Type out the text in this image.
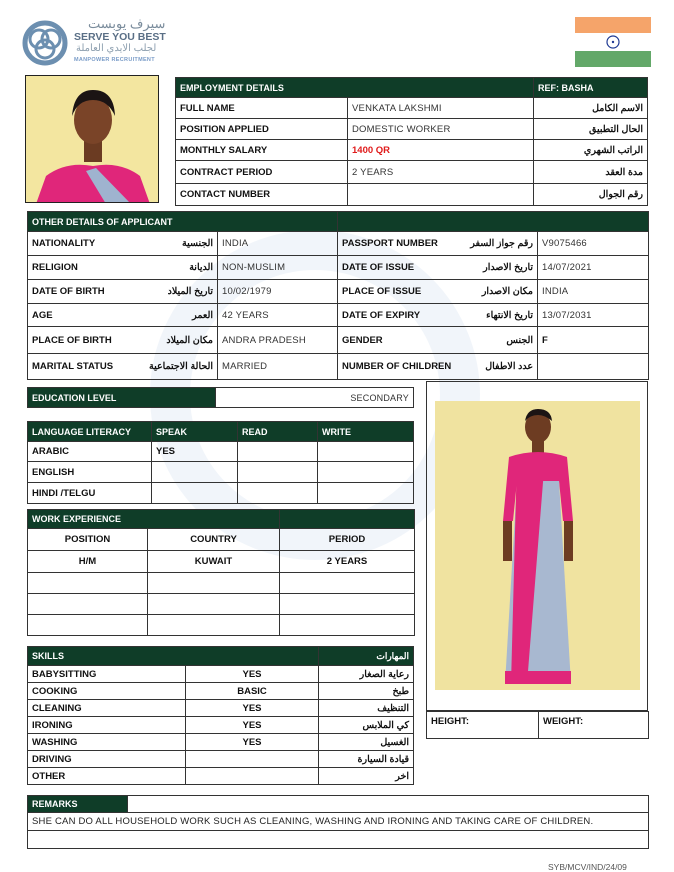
سيرف يوبست
SERVE YOU BEST
لجلب الايدي العاملة
MANPOWER RECRUITMENT
EMPLOYMENT DETAILS		REF: BASHA
FULL NAME	VENKATA LAKSHMI	الاسم الكامل
POSITION APPLIED	DOMESTIC WORKER	الحال التطبيق
MONTHLY SALARY	1400 QR	الراتب الشهري
CONTRACT PERIOD	2 YEARS	مدة العقد
CONTACT NUMBER		رقم الجوال
OTHER DETAILS OF APPLICANT			
NATIONALITY الجنسية	INDIA	PASSPORT NUMBER رقم جواز السفر	V9075466
RELIGION الديانة	NON-MUSLIM	DATE OF ISSUE تاريخ الاصدار	14/07/2021
DATE OF BIRTH تاريخ الميلاد	10/02/1979	PLACE OF ISSUE مكان الاصدار	INDIA
AGE العمر	42 YEARS	DATE OF EXPIRY تاريخ الانتهاء	13/07/2031
PLACE OF BIRTH مكان الميلاد	ANDRA PRADESH	GENDER الجنس	F
MARITAL STATUS الحالة الاجتماعية	MARRIED	NUMBER OF CHILDREN عدد الاطفال	

EDUCATION LEVEL	SECONDARY
LANGUAGE LITERACY	SPEAK	READ	WRITE
ARABIC	YES		
ENGLISH			
HINDI /TELGU			
WORK EXPERIENCE		
POSITION	COUNTRY	PERIOD
H/M	KUWAIT	2 YEARS

SKILLS		المهارات
BABYSITTING	YES	رعاية الصغار
COOKING	BASIC	طبخ
CLEANING	YES	التنظيف
IRONING	YES	كي الملابس
WASHING	YES	الغسيل
DRIVING		قيادة السيارة
OTHER		اخر
HEIGHT:	WEIGHT:
REMARKS	
SHE CAN DO ALL HOUSEHOLD WORK SUCH AS CLEANING, WASHING AND IRONING AND TAKING CARE OF CHILDREN.

SYB/MCV/IND/24/09
